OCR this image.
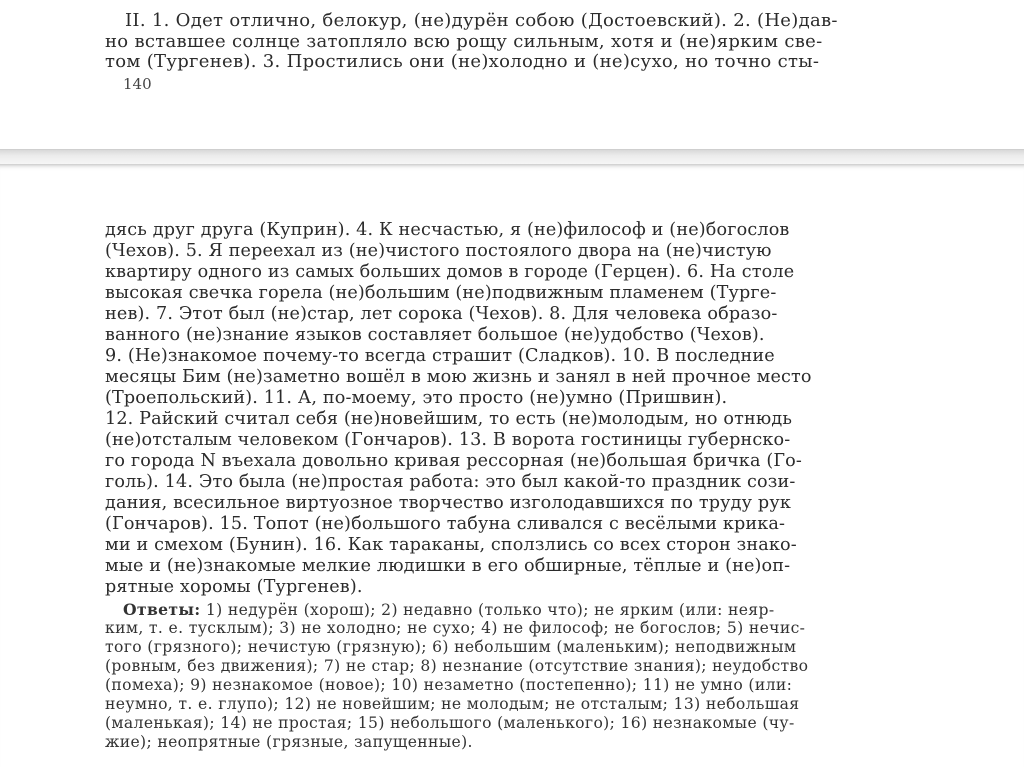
II. 1. Одет отлично, белокур, (не)дурён собою (Достоевский). 2. (Не)дав-
но вставшее солнце затопляло всю рощу сильным, хотя и (не)ярким све-
том (Тургенев). 3. Простились они (не)холодно и (не)сухо, но точно сты-
140
дясь друг друга (Куприн). 4. К несчастью, я (не)философ и (не)богослов
(Чехов). 5. Я переехал из (не)чистого постоялого двора на (не)чистую
квартиру одного из самых больших домов в городе (Герцен). 6. На столе
высокая свечка горела (не)большим (не)подвижным пламенем (Турге-
нев). 7. Этот был (не)стар, лет сорока (Чехов). 8. Для человека образо-
ванного (не)знание языков составляет большое (не)удобство (Чехов).
9. (Не)знакомое почему-то всегда страшит (Сладков). 10. В последние
месяцы Бим (не)заметно вошёл в мою жизнь и занял в ней прочное место
(Троепольский). 11. А, по-моему, это просто (не)умно (Пришвин).
12. Райский считал себя (не)новейшим, то есть (не)молодым, но отнюдь
(не)отсталым человеком (Гончаров). 13. В ворота гостиницы губернско-
го города N въехала довольно кривая рессорная (не)большая бричка (Го-
голь). 14. Это была (не)простая работа: это был какой-то праздник сози-
дания, всесильное виртуозное творчество изголодавшихся по труду рук
(Гончаров). 15. Топот (не)большого табуна сливался с весёлыми крика-
ми и смехом (Бунин). 16. Как тараканы, сползлись со всех сторон знако-
мые и (не)знакомые мелкие людишки в его обширные, тёплые и (не)оп-
рятные хоромы (Тургенев).
Ответы: 1) недурён (хорош); 2) недавно (только что); не ярким (или: неяр-
ким, т. е. тусклым); 3) не холодно; не сухо; 4) не философ; не богослов; 5) нечис-
того (грязного); нечистую (грязную); 6) небольшим (маленьким); неподвижным
(ровным, без движения); 7) не стар; 8) незнание (отсутствие знания); неудобство
(помеха); 9) незнакомое (новое); 10) незаметно (постепенно); 11) не умно (или:
неумно, т. е. глупо); 12) не новейшим; не молодым; не отсталым; 13) небольшая
(маленькая); 14) не простая; 15) небольшого (маленького); 16) незнакомые (чу-
жие); неопрятные (грязные, запущенные).
